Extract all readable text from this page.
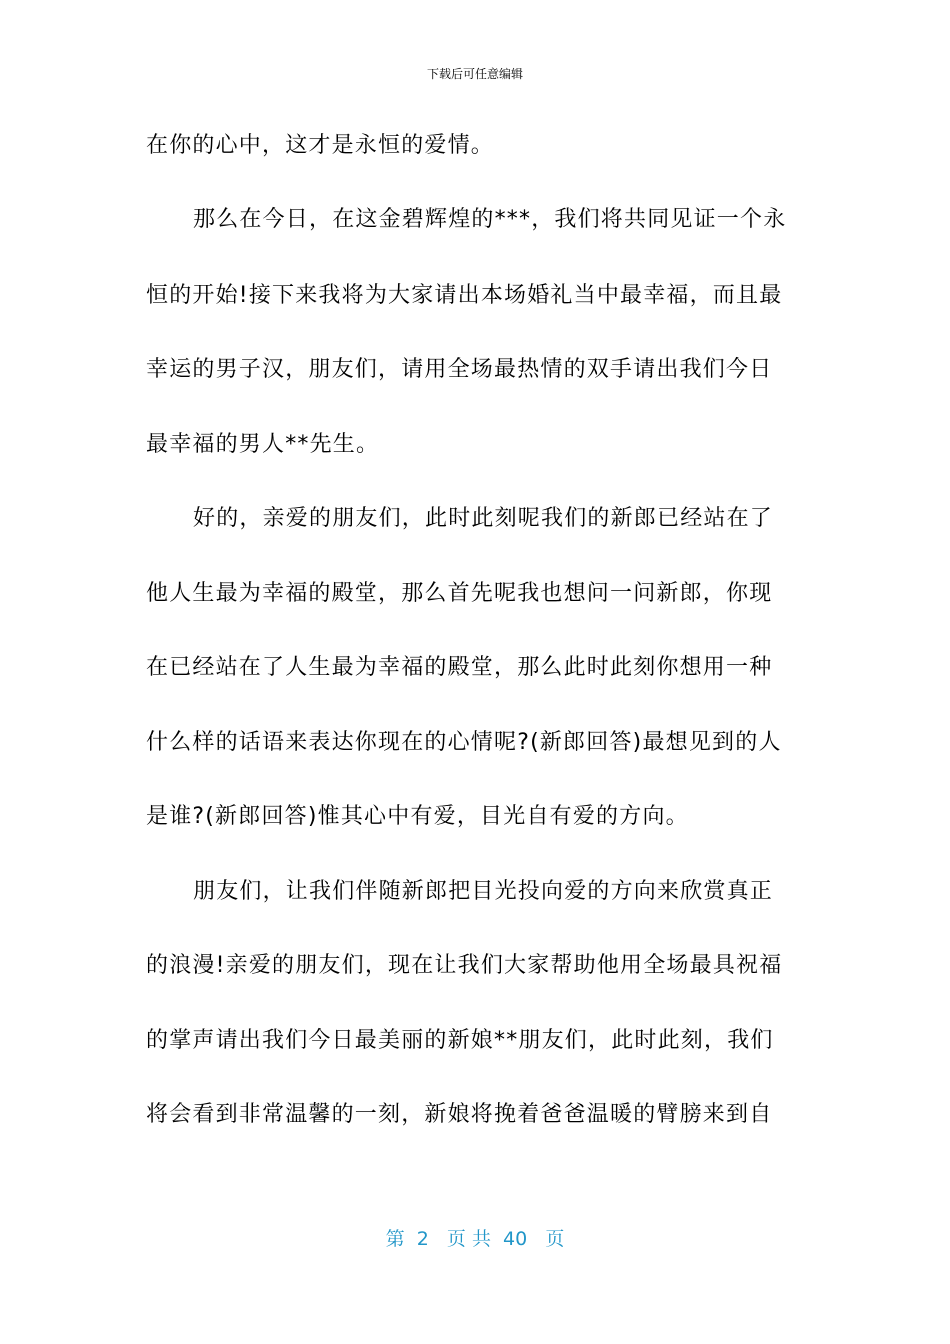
下载后可任意编辑
在你的心中，这才是永恒的爱情。
那么在今日，在这金碧辉煌的***，我们将共同见证一个永
恒的开始!接下来我将为大家请出本场婚礼当中最幸福，而且最
幸运的男子汉，朋友们，请用全场最热情的双手请出我们今日
最幸福的男人**先生。
好的，亲爱的朋友们，此时此刻呢我们的新郎已经站在了
他人生最为幸福的殿堂，那么首先呢我也想问一问新郎，你现
在已经站在了人生最为幸福的殿堂，那么此时此刻你想用一种
什么样的话语来表达你现在的心情呢?(新郎回答)最想见到的人
是谁?(新郎回答)惟其心中有爱，目光自有爱的方向。
朋友们，让我们伴随新郎把目光投向爱的方向来欣赏真正
的浪漫!亲爱的朋友们，现在让我们大家帮助他用全场最具祝福
的掌声请出我们今日最美丽的新娘**朋友们，此时此刻，我们
将会看到非常温馨的一刻，新娘将挽着爸爸温暖的臂膀来到自
第  2   页 共  40   页
